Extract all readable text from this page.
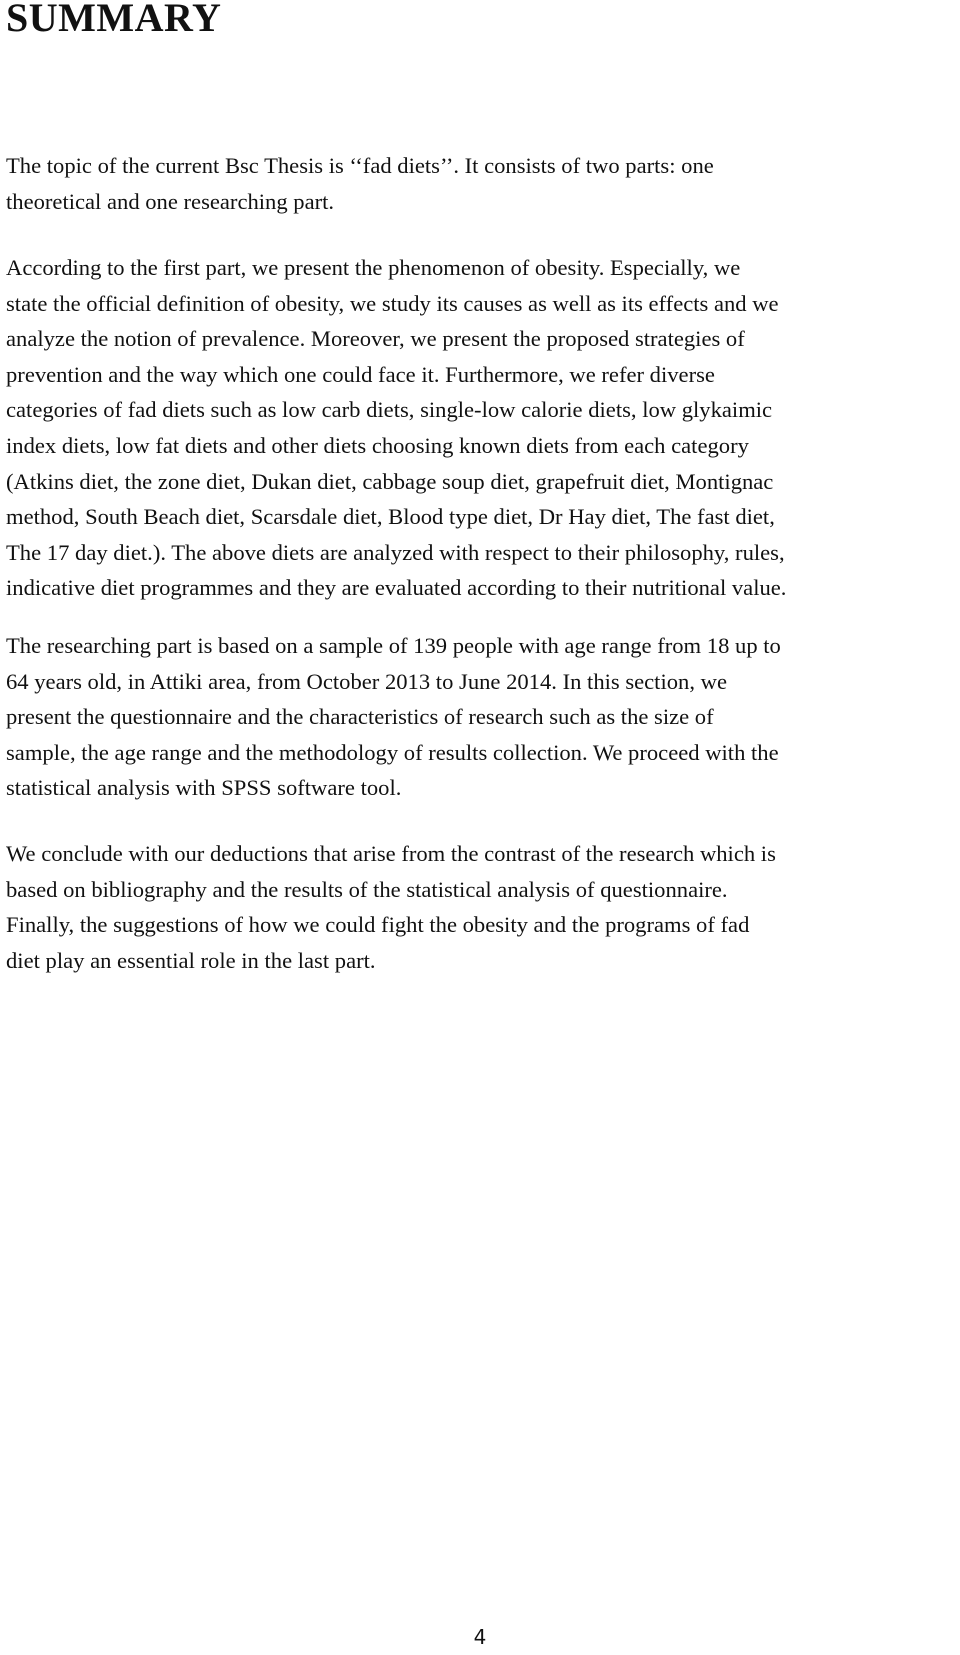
SUMMARY

The topic of the current Bsc Thesis is ‘‘fad diets’’. It consists of two parts: one
theoretical and one researching part.

According to the first part, we present the phenomenon of obesity. Especially, we
state the official definition of obesity, we study its causes as well as its effects and we
analyze the notion of prevalence. Moreover, we present the proposed strategies of
prevention and the way which one could face it. Furthermore, we refer diverse
categories of fad diets such as low carb diets, single-low calorie diets, low glykaimic
index diets, low fat diets and other diets choosing known diets from each category
(Atkins diet, the zone diet, Dukan diet, cabbage soup diet, grapefruit diet, Montignac
method, South Beach diet, Scarsdale diet, Blood type diet, Dr Hay diet, The fast diet,
The 17 day diet.). The above diets are analyzed with respect to their philosophy, rules,
indicative diet programmes and they are evaluated according to their nutritional value.

The researching part is based on a sample of 139 people with age range from 18 up to
64 years old, in Attiki area, from October 2013 to June 2014. In this section, we
present the questionnaire and the characteristics of research such as the size of
sample, the age range and the methodology of results collection. We proceed with the
statistical analysis with SPSS software tool.

We conclude with our deductions that arise from the contrast of the research which is
based on bibliography and the results of the statistical analysis of questionnaire.
Finally, the suggestions of how we could fight the obesity and the programs of fad
diet play an essential role in the last part.

4
